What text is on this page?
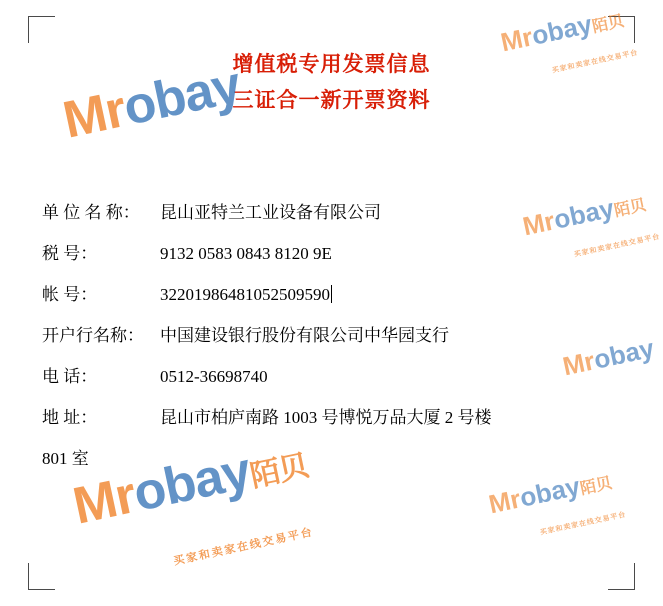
增值税专用发票信息
三证合一新开票资料
单 位 名 称： 昆山亚特兰工业设备有限公司
税 号：	9132 0583 0843 8120 9E
帐 号：	32201986481052509590
开户行名称： 中国建设银行股份有限公司中华园支行
电 话：	0512-36698740
地 址：	昆山市柏庐南路 1003 号博悦万品大厦 2 号楼
801 室
Mrobay
Mrobay陌贝
买家和卖家在线交易平台
Mrobay陌贝
买家和卖家在线交易平台
Mrobay陌贝
买家和卖家在线交易平台
Mrobay陌贝
买家和卖家在线交易平台
Mrobay
